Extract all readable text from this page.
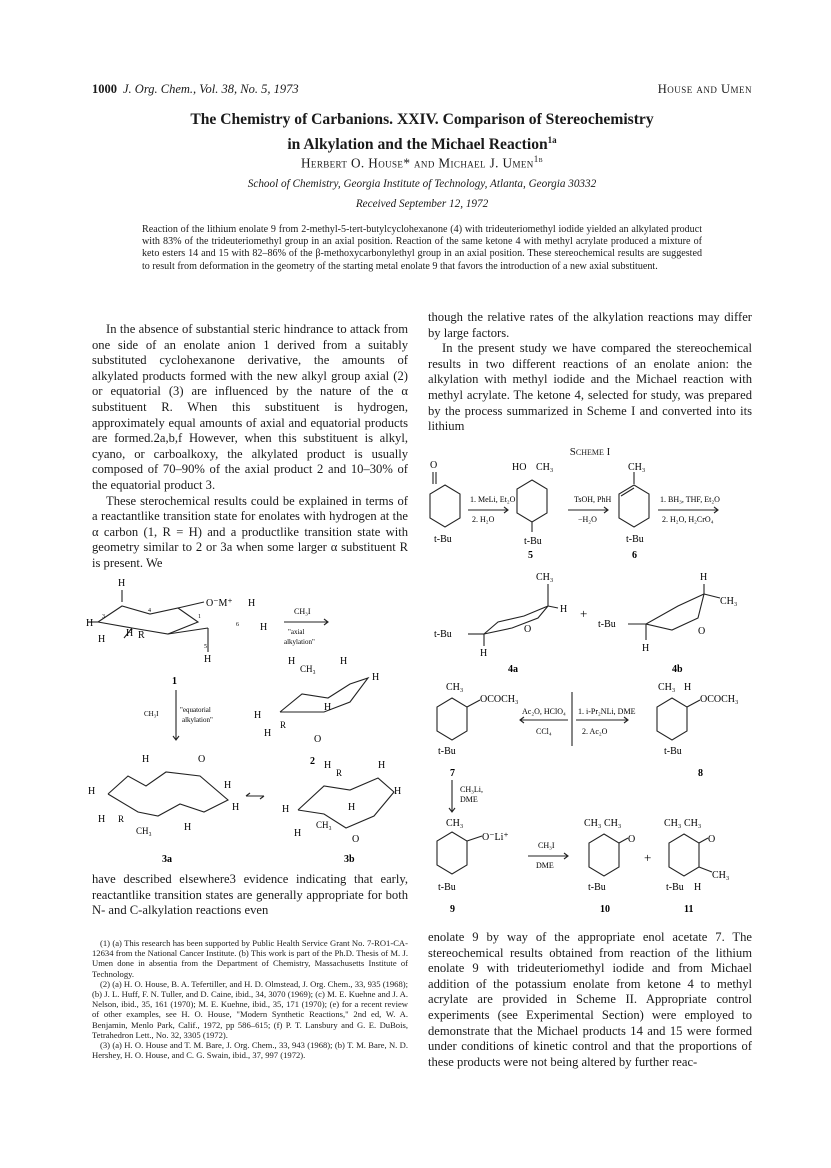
1000 J. Org. Chem., Vol. 38, No. 5, 1973	House and Umen
The Chemistry of Carbanions. XXIV. Comparison of Stereochemistry
in Alkylation and the Michael Reaction$^{1a}$
Herbert O. House* and Michael J. Umen$^{1b}$
School of Chemistry, Georgia Institute of Technology, Atlanta, Georgia 30332
Received September 12, 1972
Reaction of the lithium enolate 9 from 2-methyl-5-tert-butylcyclohexanone (4) with trideuteriomethyl iodide yielded an alkylated product with 83% of the trideuteriomethyl group in an axial position. Reaction of the same ketone 4 with methyl acrylate produced a mixture of keto esters 14 and 15 with 82–86% of the β-methoxycarbonylethyl group in an axial position. These stereochemical results are suggested to result from deformation in the geometry of the starting metal enolate 9 that favors the introduction of a new axial substituent.

In the absence of substantial steric hindrance to attack from one side of an enolate anion 1 derived from a suitably substituted cyclohexanone derivative, the amounts of alkylated products formed with the new alkyl group axial (2) or equatorial (3) are influenced by the nature of the α substituent R. When this substituent is hydrogen, approximately equal amounts of axial and equatorial products are formed.2a,b,f However, when this substituent is alkyl, cyano, or carboalkoxy, the alkylated product is usually composed of 70–90% of the axial product 2 and 10–30% of the equatorial product 3.

These sterochemical results could be explained in terms of a reactantlike transition state for enolates with hydrogen at the α carbon (1, R = H) and a productlike transition state with geometry similar to 2 or 3a when some larger α substituent R is present. We

though the relative rates of the alkylation reactions may differ by large factors.

In the present study we have compared the stereochemical results in two different reactions of an enolate anion: the alkylation with methyl iodide and the Michael reaction with methyl acrylate. The ketone 4, selected for study, was prepared by the process summarized in Scheme I and converted into its lithium

Scheme I
O
t-Bu
1. MeLi, Et₂O
2. H₂O
HO CH₃
t-Bu
5
TsOH, PhH
−H₂O
CH₃
t-Bu
6
1. BH₃, THF, Et₂O
2. H₂O, H₂CrO₄
CH₃
H
O
t-Bu
H
4a
+
H
CH₃
O
t-Bu
H
4b
CH₃
OCOCH₃
t-Bu
7
Ac₂O, HClO₄
CCl₄
1. i-Pr₂NLi, DME
2. Ac₂O
CH₃ H
OCOCH₃
t-Bu
8
CH₃Li,
DME
CH₃
O⁻Li⁺
t-Bu
9
CH₃I
DME
CH₃ CH₃
O
t-Bu
10
+
CH₃ CH₃
O
CH₃
H
t-Bu
11
H
H
O⁻M⁺
4
3	1
6
H
H	R
H
H
H
5
1
CH₃I
"axial
alkylation"
H
CH₃
H
H
H
H
R
H
O
2
CH₃I	"equatorial
alkylation"
H	O
H
H
H
H R
CH₃	H
3a
H
R
H
H
H	H
CH₃
H
O
3b

have described elsewhere3 evidence indicating that early, reactantlike transition states are generally appropriate for both N- and C-alkylation reactions even

(1) (a) This research has been supported by Public Health Service Grant No. 7-RO1-CA-12634 from the National Cancer Institute. (b) This work is part of the Ph.D. Thesis of M. J. Umen done in absentia from the Department of Chemistry, Massachusetts Institute of Technology.

(2) (a) H. O. House, B. A. Tefertiller, and H. D. Olmstead, J. Org. Chem., 33, 935 (1968); (b) J. L. Huff, F. N. Tuller, and D. Caine, ibid., 34, 3070 (1969); (c) M. E. Kuehne and J. A. Nelson, ibid., 35, 161 (1970); M. E. Kuehne, ibid., 35, 171 (1970); (e) for a recent review of other examples, see H. O. House, "Modern Synthetic Reactions," 2nd ed, W. A. Benjamin, Menlo Park, Calif., 1972, pp 586–615; (f) P. T. Lansbury and G. E. DuBois, Tetrahedron Lett., No. 32, 3305 (1972).

(3) (a) H. O. House and T. M. Bare, J. Org. Chem., 33, 943 (1968); (b) T. M. Bare, N. D. Hershey, H. O. House, and C. G. Swain, ibid., 37, 997 (1972).

enolate 9 by way of the appropriate enol acetate 7. The stereochemical results obtained from reaction of the lithium enolate 9 with trideuteriomethyl iodide and from Michael addition of the potassium enolate from ketone 4 to methyl acrylate are provided in Scheme II. Appropriate control experiments (see Experimental Section) were employed to demonstrate that the Michael products 14 and 15 were formed under conditions of kinetic control and that the proportions of these products were not being altered by further reac-
